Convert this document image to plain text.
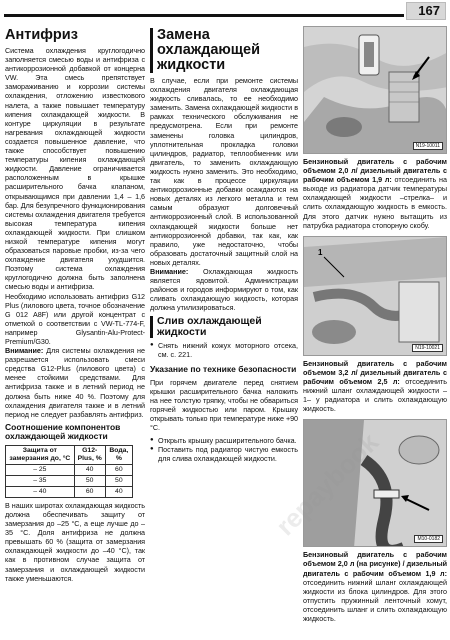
167
Антифриз
Система охлаждения круглогодично заполняется смесью воды и антифриза с антикоррозионной добавкой от концерна VW. Эта смесь препятствует замораживанию и коррозии системы охлаждения, отложению известкового налета, а также повышает температуру кипения охлаждающей жидкости. В контуре циркуляции в результате нагревания охлаждающей жидкости создается повышенное давление, что также способствует повышению температуры кипения охлаждающей жидкости. Давление ограничивается расположенным в крышке расширительного бачка клапаном, открывающимся при давлении 1,4 – 1,6 бар. Для безупречного функционирования системы охлаждения двигателя требуется высокая температура кипения охлаждающей жидкости. При слишком низкой температуре кипения могут образоваться паровые пробки, из-за чего охлаждение двигателя ухудшится. Поэтому система охлаждения круглогодично должна быть заполнена смесью воды и антифриза.
Необходимо использовать антифриз G12 Plus (лилового цвета, точное обозначение G 012 A8F) или другой концентрат с отметкой о соответствии с VW-TL-774-F, например Glysantin-Alu-Protect-Premium/G30.
Внимание: Для системы охлаждения не разрешается использовать смеси средства G12-Plus (лилового цвета) с менее стойкими средствами. Для антифриза также и в летний период не должна быть ниже 40 %. Поэтому для охлаждения двигателя также и в летний период не следует разбавлять антифриз.
Соотношение компонентов охлаждающей жидкости
Защита от замерзания до, °С	G12-Plus, %	Вода, %
– 25	40	60
– 35	50	50
– 40	60	40
В наших широтах охлаждающая жидкость должна обеспечивать защиту от замерзания до –25 °С, а еще лучше до –35 °С. Доля антифриза не должна превышать 60 % (защита от замерзания охлаждающей жидкости до –40 °С), так как в противном случае защита от замерзания и охлаждающей жидкости также уменьшаются.
Замена охлаждающей жидкости
В случае, если при ремонте системы охлаждения двигателя охлаждающая жидкость сливалась, то ее необходимо заменить. Замена охлаждающей жидкости в рамках технического обслуживания не предусмотрена. Если при ремонте заменены головка цилиндров, уплотнительная прокладка головки цилиндров, радиатор, теплообменник или двигатель, то заменить охлаждающую жидкость нужно заменить. Это необходимо, так как в процессе циркуляции антикоррозионные добавки осаждаются на новых деталях из легкого металла и тем самым образуют долговечный антикоррозионный слой. В использованной охлаждающей жидкости больше нет антикоррозионной добавки, так как, как правило, уже недостаточно, чтобы образовать достаточный защитный слой на новых деталях.
Внимание: Охлаждающая жидкость является ядовитой. Администрации районов и городов информируют о том, как сливать охлаждающую жидкость, которая должна утилизироваться.
Слив охлаждающей жидкости
● Снять нижний кожух моторного отсека, см. с. 221.
Указание по технике безопасности
При горячем двигателе перед снятием крышки расширительного бачка наложить на нее толстую тряпку, чтобы не обвариться горячей жидкостью или паром. Крышку открывать только при температуре ниже +90 °С.
● Открыть крышку расширительного бачка.
● Поставить под радиатор чистую емкость для слива охлаждающей жидкости.
N19-10011
Бензиновый двигатель с рабочим объемом 2,0 л/ дизельный двигатель с рабочим объемом 1,9 л: отсоединить на выходе из радиатора датчик температуры охлаждающей жидкости –стрелка– и слить охлаждающую жидкость в емкость. Для этого датчик нужно вытащить из патрубка радиатора стопорную скобу.
1
N19-10021
Бензиновый двигатель с рабочим объемом 3,2 л/ дизельный двигатель с рабочим объемом 2,5 л: отсоединить нижний шланг охлаждающей жидкости –1– у радиатора и слить охлаждающую жидкость.
M10-0182
Бензиновый двигатель с рабочим объемом 2,0 л (на рисунке) / дизельный двигатель с рабочим объемом 1,9 л: отсоединить нижний шланг охлаждающей жидкости из блока цилиндров. Для этого отпустить пружинный ленточный хомут, отсоединить шланг и слить охлаждающую жидкость.
